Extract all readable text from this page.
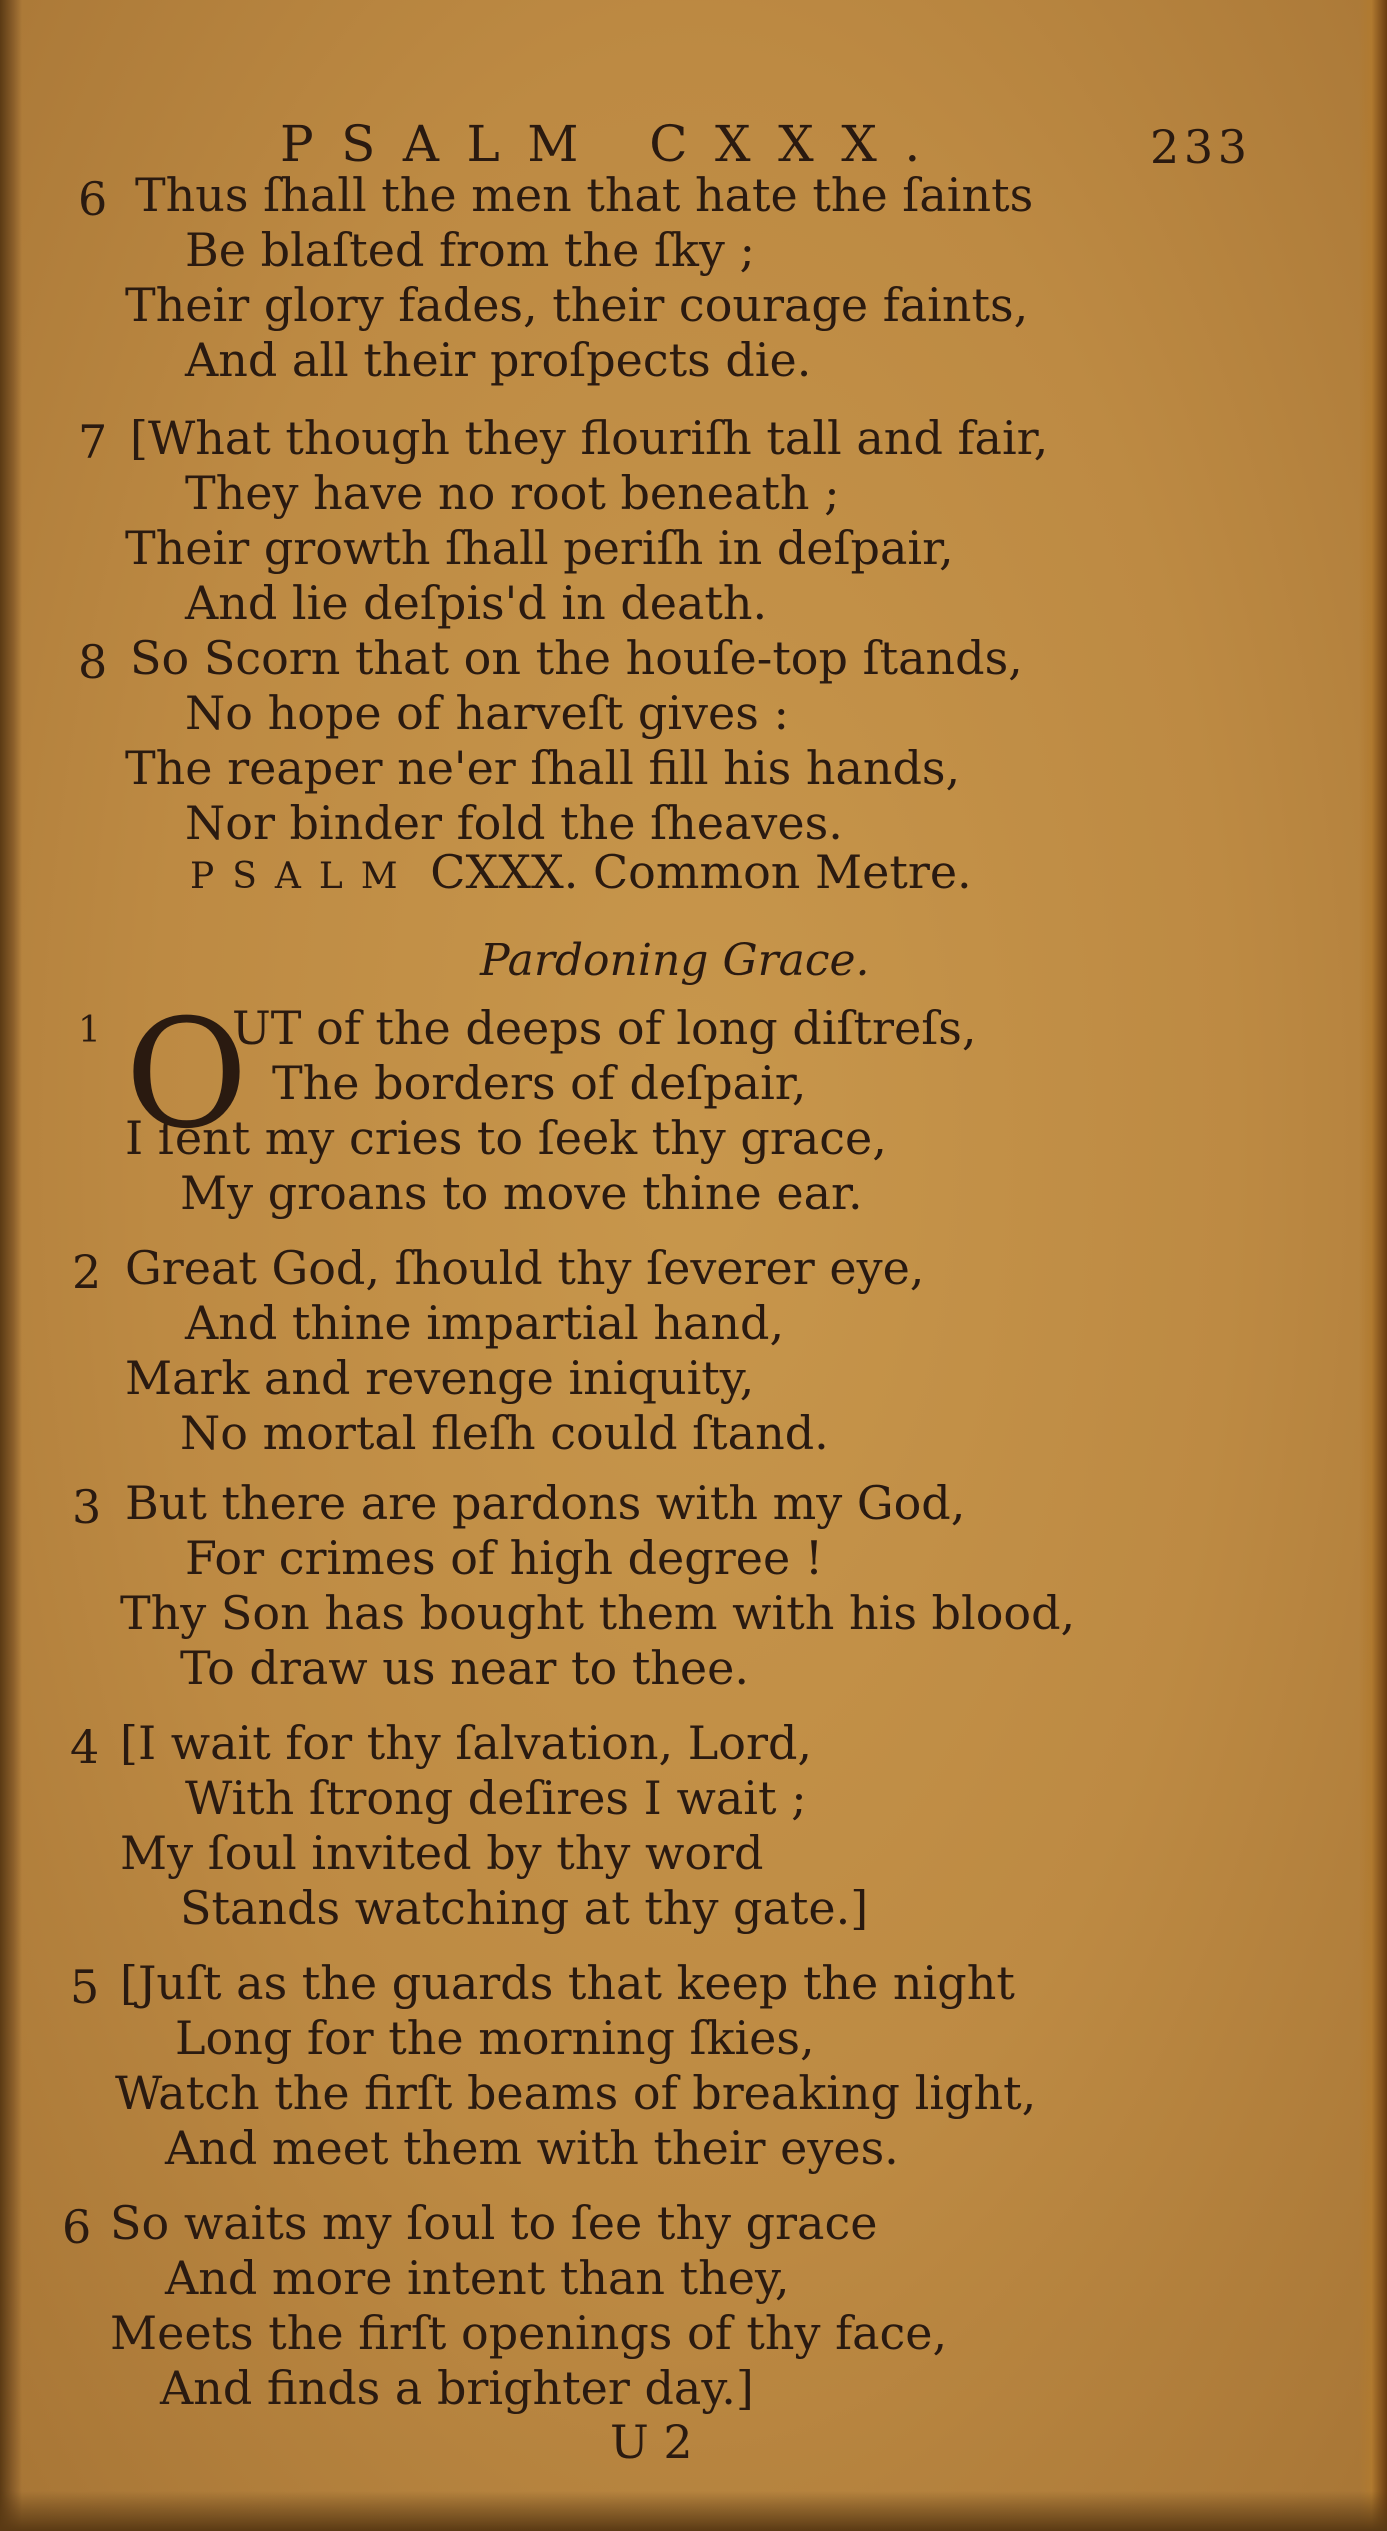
PSALM CXXX.	233
6 Thus ſhall the men that hate the ſaints
Be blaſted from the ſky ;
Their glory fades, their courage faints,
And all their proſpects die.
7 [What though they flouriſh tall and fair,
They have no root beneath ;
Their growth ſhall periſh in deſpair,
And lie deſpis'd in death.
8 So Scorn that on the houſe-top ſtands,
No hope of harveſt gives :
The reaper ne'er ſhall fill his hands,
Nor binder fold the ſheaves.
PSALM CXXX. Common Metre.
Pardoning Grace.
1 O
UT of the deeps of long diſtreſs,
The borders of deſpair,
I ſent my cries to ſeek thy grace,
My groans to move thine ear.
2 Great God, ſhould thy ſeverer eye,
And thine impartial hand,
Mark and revenge iniquity,
No mortal fleſh could ſtand.
3 But there are pardons with my God,
For crimes of high degree !
Thy Son has bought them with his blood,
To draw us near to thee.
4 [I wait for thy ſalvation, Lord,
With ſtrong deſires I wait ;
My ſoul invited by thy word
Stands watching at thy gate.]
5 [Juſt as the guards that keep the night
Long for the morning ſkies,
Watch the firſt beams of breaking light,
And meet them with their eyes.
6 So waits my ſoul to ſee thy grace
And more intent than they,
Meets the firſt openings of thy face,
And finds a brighter day.]
U 2
